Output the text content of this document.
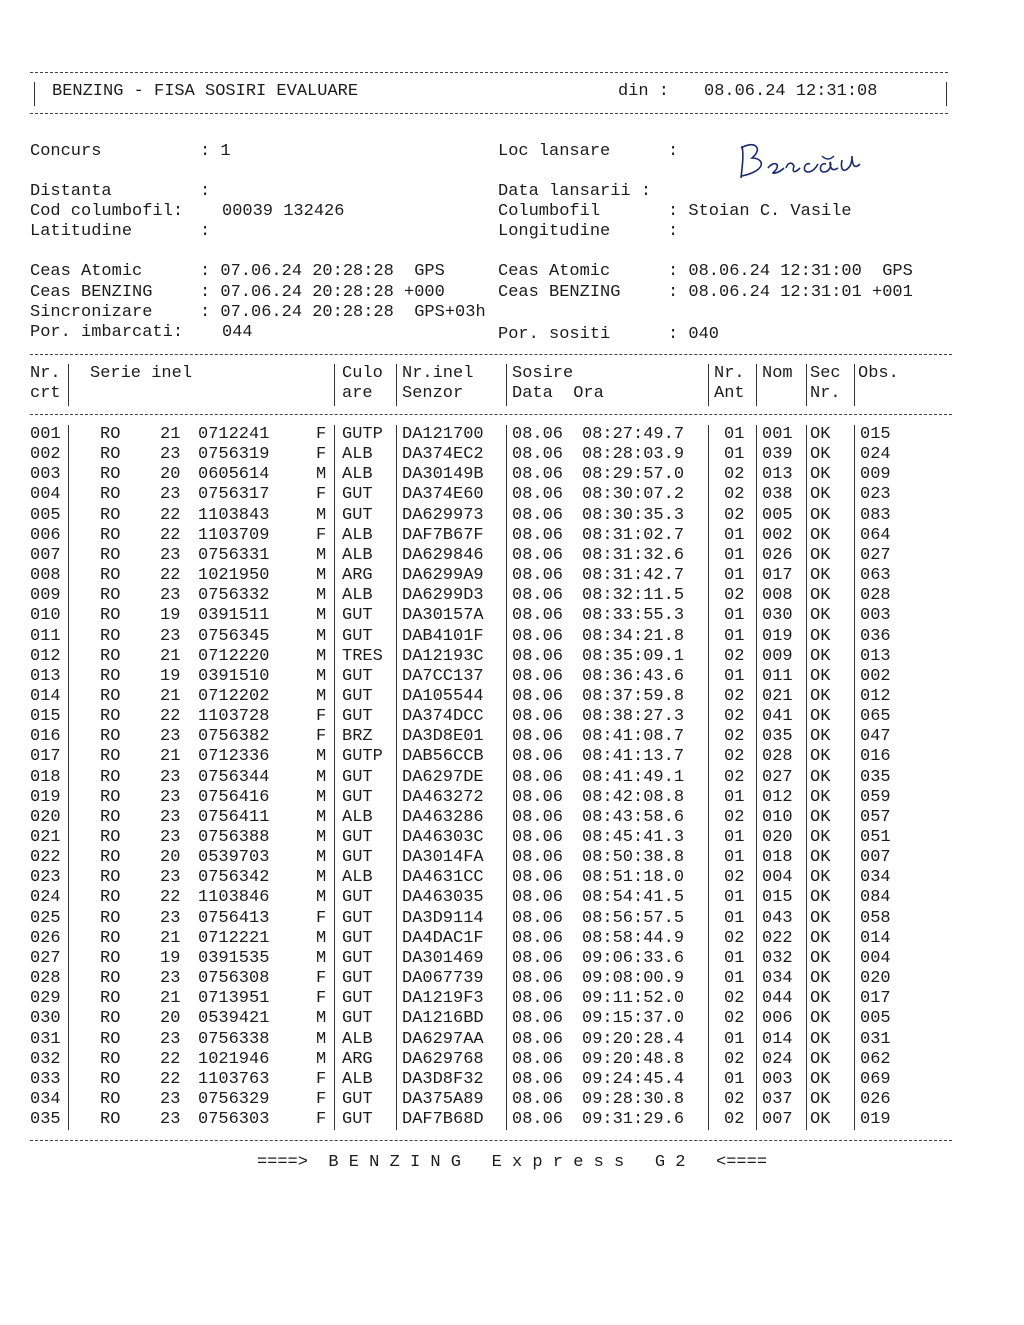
BENZING - FISA SOSIRI EVALUARE	din : 08.06.24 12:31:08
Concurs	: 1	Loc lansare	:
Distanta	:	Data lansarii :
Cod columbofil: 00039 132426	Columbofil	: Stoian C. Vasile
Latitudine	:	Longitudine	:
Ceas Atomic	: 07.06.24 20:28:28  GPS	Ceas Atomic	: 08.06.24 12:31:00  GPS
Ceas BENZING	: 07.06.24 20:28:28 +000	Ceas BENZING	: 08.06.24 12:31:01 +001
Sincronizare	: 07.06.24 20:28:28  GPS+03h
Por. imbarcati: 044	Por. sositi	: 040
Nr. Serie inel	Culo Nr.inel Sosire	Nr. Nom Sec Obs.
crt	are Senzor	Data  Ora	Ant	Nr.
001 RO 21 0712241	F GUTP DA121700 08.06 08:27:49.7 01 001 OK 015
002 RO 23 0756319	F ALB DA374EC2 08.06 08:28:03.9 01 039 OK 024
003 RO 20 0605614	M ALB DA30149B 08.06 08:29:57.0 02 013 OK 009
004 RO 23 0756317	F GUT DA374E60 08.06 08:30:07.2 02 038 OK 023
005 RO 22 1103843	M GUT DA629973 08.06 08:30:35.3 02 005 OK 083
006 RO 22 1103709	F ALB DAF7B67F 08.06 08:31:02.7 01 002 OK 064
007 RO 23 0756331	M ALB DA629846 08.06 08:31:32.6 01 026 OK 027
008 RO 22 1021950	M ARG DA6299A9 08.06 08:31:42.7 01 017 OK 063
009 RO 23 0756332	M ALB DA6299D3 08.06 08:32:11.5 02 008 OK 028
010 RO 19 0391511	M GUT DA30157A 08.06 08:33:55.3 01 030 OK 003
011 RO 23 0756345	M GUT DAB4101F 08.06 08:34:21.8 01 019 OK 036
012 RO 21 0712220	M TRES DA12193C 08.06 08:35:09.1 02 009 OK 013
013 RO 19 0391510	M GUT DA7CC137 08.06 08:36:43.6 01 011 OK 002
014 RO 21 0712202	M GUT DA105544 08.06 08:37:59.8 02 021 OK 012
015 RO 22 1103728	F GUT DA374DCC 08.06 08:38:27.3 02 041 OK 065
016 RO 23 0756382	F BRZ DA3D8E01 08.06 08:41:08.7 02 035 OK 047
017 RO 21 0712336	M GUTP DAB56CCB 08.06 08:41:13.7 02 028 OK 016
018 RO 23 0756344	M GUT DA6297DE 08.06 08:41:49.1 02 027 OK 035
019 RO 23 0756416	M GUT DA463272 08.06 08:42:08.8 01 012 OK 059
020 RO 23 0756411	M ALB DA463286 08.06 08:43:58.6 02 010 OK 057
021 RO 23 0756388	M GUT DA46303C 08.06 08:45:41.3 01 020 OK 051
022 RO 20 0539703	M GUT DA3014FA 08.06 08:50:38.8 01 018 OK 007
023 RO 23 0756342	M ALB DA4631CC 08.06 08:51:18.0 02 004 OK 034
024 RO 22 1103846	M GUT DA463035 08.06 08:54:41.5 01 015 OK 084
025 RO 23 0756413	F GUT DA3D9114 08.06 08:56:57.5 01 043 OK 058
026 RO 21 0712221	M GUT DA4DAC1F 08.06 08:58:44.9 02 022 OK 014
027 RO 19 0391535	M GUT DA301469 08.06 09:06:33.6 01 032 OK 004
028 RO 23 0756308	F GUT DA067739 08.06 09:08:00.9 01 034 OK 020
029 RO 21 0713951	F GUT DA1219F3 08.06 09:11:52.0 02 044 OK 017
030 RO 20 0539421	M GUT DA1216BD 08.06 09:15:37.0 02 006 OK 005
031 RO 23 0756338	M ALB DA6297AA 08.06 09:20:28.4 01 014 OK 031
032 RO 22 1021946	M ARG DA629768 08.06 09:20:48.8 02 024 OK 062
033 RO 22 1103763	F ALB DA3D8F32 08.06 09:24:45.4 01 003 OK 069
034 RO 23 0756329	F GUT DA375A89 08.06 09:28:30.8 02 037 OK 026
035 RO 23 0756303	F GUT DAF7B68D 08.06 09:31:29.6 02 007 OK 019
====>  B E N Z I N G   E x p r e s s   G 2   <====
